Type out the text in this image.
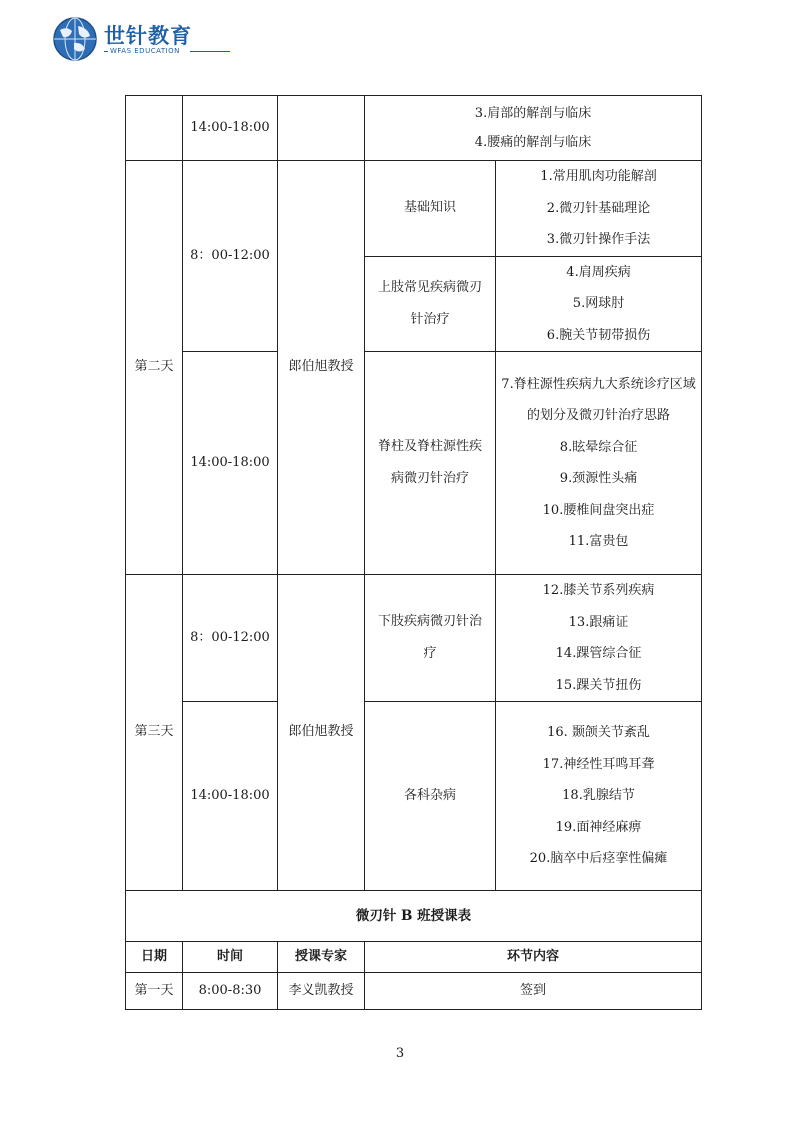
世针教育
WFAS EDUCATION
	14:00-18:00		3.肩部的解剖与临床
4.腰痛的解剖与临床	

第二天	8：00-12:00	郎伯旭教授	基础知识	1.常用肌肉功能解剖
2.微刃针基础理论
3.微刃针操作手法

			上肢常见疾病微刃针治疗	4.肩周疾病
5.网球肘
6.腕关节韧带损伤

	14:00-18:00		脊柱及脊柱源性疾病微刃针治疗	7.脊柱源性疾病九大系统诊疗区域的划分及微刃针治疗思路
8.眩晕综合征
9.颈源性头痛
10.腰椎间盘突出症
11.富贵包

第三天	8：00-12:00	郎伯旭教授	下肢疾病微刃针治疗	12.膝关节系列疾病
13.跟痛证
14.踝管综合征
15.踝关节扭伤

	14:00-18:00		各科杂病	16. 颞颌关节紊乱
17.神经性耳鸣耳聋
18.乳腺结节
19.面神经麻痹
20.脑卒中后痉挛性偏瘫

微刃针 B 班授课表				
日期	时间	授课专家	环节内容	
第一天	8:00-8:30	李义凯教授	签到	
3
